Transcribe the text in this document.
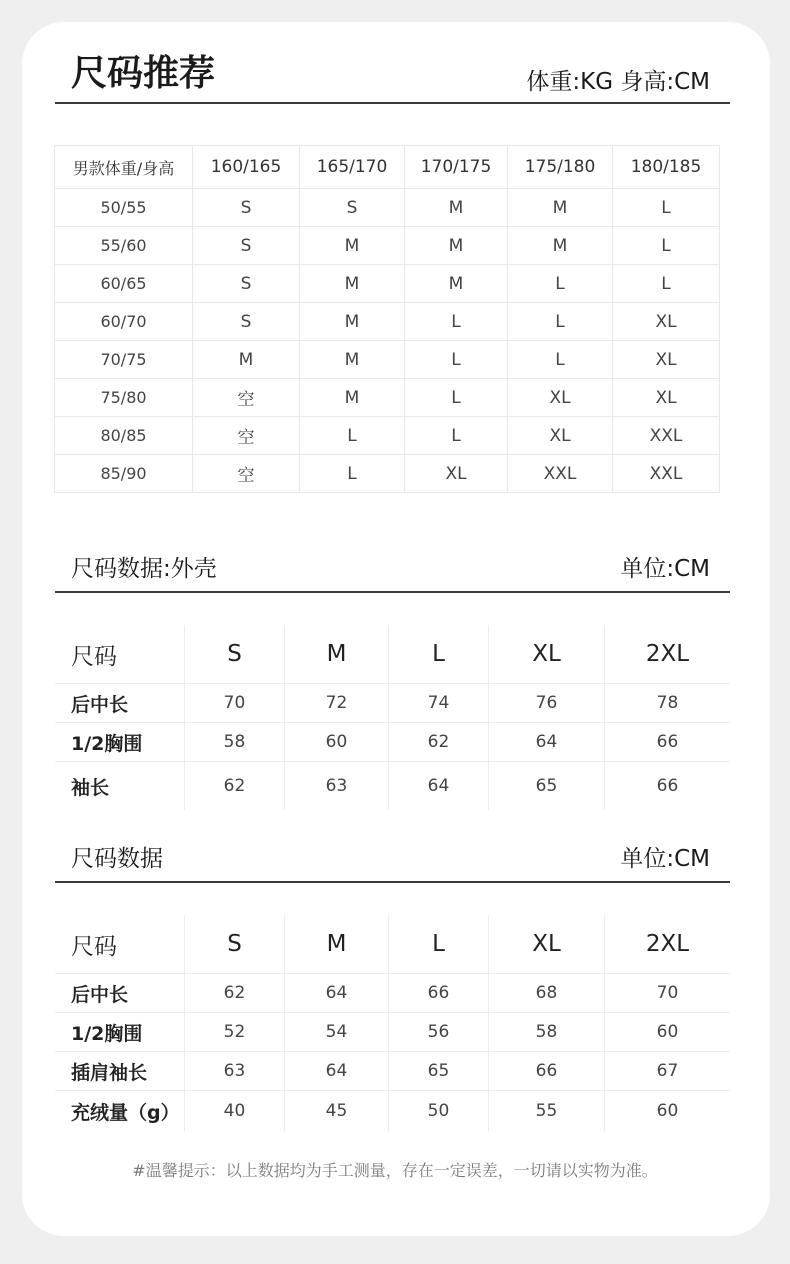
尺码推荐	体重:KG 身高:CM
男款体重/身高	160/165	165/170	170/175	175/180	180/185
50/55	S	S	M	M	L
55/60	S	M	M	M	L
60/65	S	M	M	L	L
60/70	S	M	L	L	XL
70/75	M	M	L	L	XL
75/80	空	M	L	XL	XL
80/85	空	L	L	XL	XXL
85/90	空	L	XL	XXL	XXL
尺码数据:外壳	单位:CM
尺码	S	M	L	XL	2XL
后中长	70	72	74	76	78
1/2胸围	58	60	62	64	66
袖长	62	63	64	65	66
尺码数据	单位:CM
尺码	S	M	L	XL	2XL
后中长	62	64	66	68	70
1/2胸围	52	54	56	58	60
插肩袖长	63	64	65	66	67
充绒量（g）	40	45	50	55	60
#温馨提示：以上数据均为手工测量，存在一定误差，一切请以实物为准。
